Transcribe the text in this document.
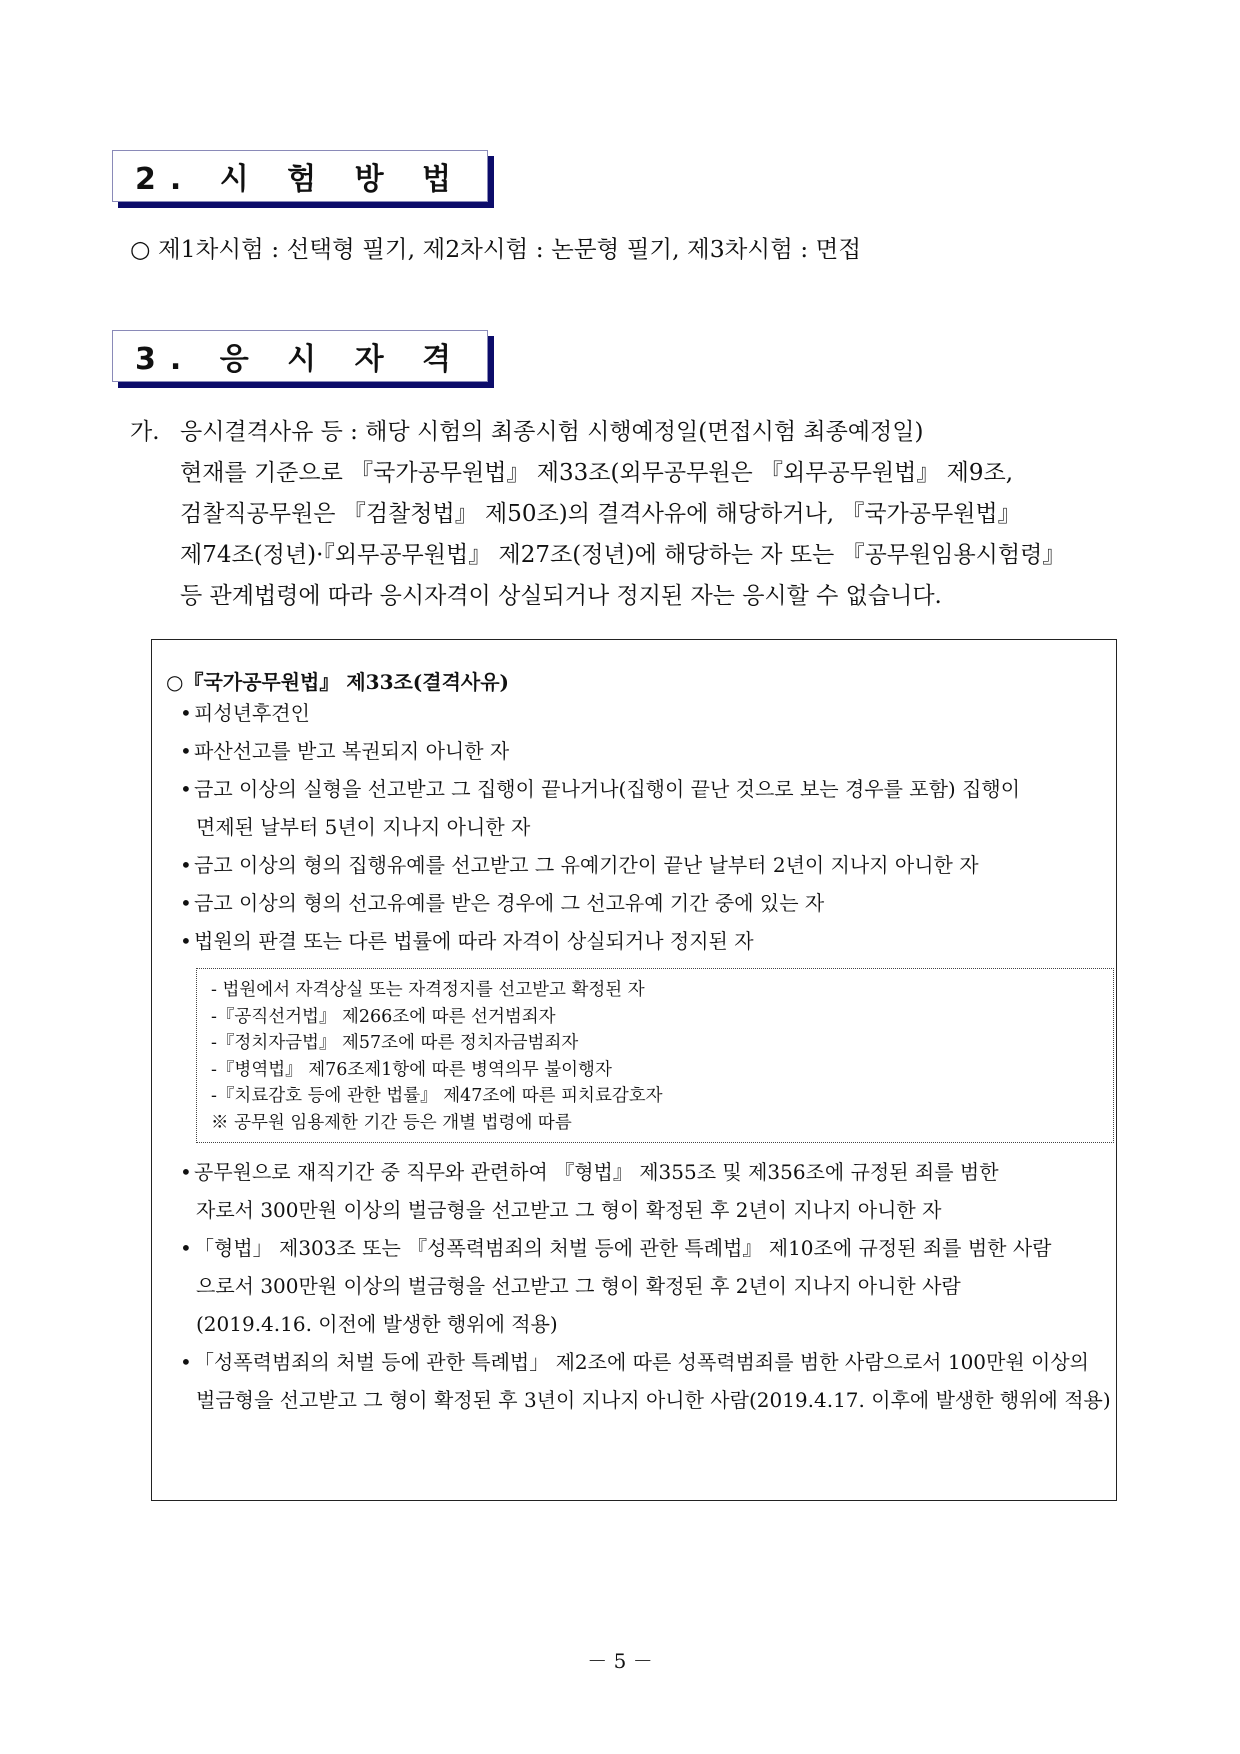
2. 시 험 방 법
○ 제1차시험 : 선택형 필기, 제2차시험 : 논문형 필기, 제3차시험 : 면접
3. 응 시 자 격
가. 응시결격사유 등 : 해당 시험의 최종시험 시행예정일(면접시험 최종예정일)
현재를 기준으로 『국가공무원법』 제33조(외무공무원은 『외무공무원법』 제9조,
검찰직공무원은 『검찰청법』 제50조)의 결격사유에 해당하거나, 『국가공무원법』
제74조(정년)·『외무공무원법』 제27조(정년)에 해당하는 자 또는 『공무원임용시험령』
등 관계법령에 따라 응시자격이 상실되거나 정지된 자는 응시할 수 없습니다.
○『국가공무원법』 제33조(결격사유)
• 피성년후견인
• 파산선고를 받고 복권되지 아니한 자
• 금고 이상의 실형을 선고받고 그 집행이 끝나거나(집행이 끝난 것으로 보는 경우를 포함) 집행이
면제된 날부터 5년이 지나지 아니한 자
• 금고 이상의 형의 집행유예를 선고받고 그 유예기간이 끝난 날부터 2년이 지나지 아니한 자
• 금고 이상의 형의 선고유예를 받은 경우에 그 선고유예 기간 중에 있는 자
• 법원의 판결 또는 다른 법률에 따라 자격이 상실되거나 정지된 자
- 법원에서 자격상실 또는 자격정지를 선고받고 확정된 자
-『공직선거법』 제266조에 따른 선거범죄자
-『정치자금법』 제57조에 따른 정치자금범죄자
-『병역법』 제76조제1항에 따른 병역의무 불이행자
-『치료감호 등에 관한 법률』 제47조에 따른 피치료감호자
※ 공무원 임용제한 기간 등은 개별 법령에 따름
• 공무원으로 재직기간 중 직무와 관련하여 『형법』 제355조 및 제356조에 규정된 죄를 범한
자로서 300만원 이상의 벌금형을 선고받고 그 형이 확정된 후 2년이 지나지 아니한 자
• 「형법」 제303조 또는 『성폭력범죄의 처벌 등에 관한 특례법』 제10조에 규정된 죄를 범한 사람
으로서 300만원 이상의 벌금형을 선고받고 그 형이 확정된 후 2년이 지나지 아니한 사람
(2019.4.16. 이전에 발생한 행위에 적용)
• 「성폭력범죄의 처벌 등에 관한 특례법」 제2조에 따른 성폭력범죄를 범한 사람으로서 100만원 이상의
벌금형을 선고받고 그 형이 확정된 후 3년이 지나지 아니한 사람(2019.4.17. 이후에 발생한 행위에 적용)
－ 5 －
